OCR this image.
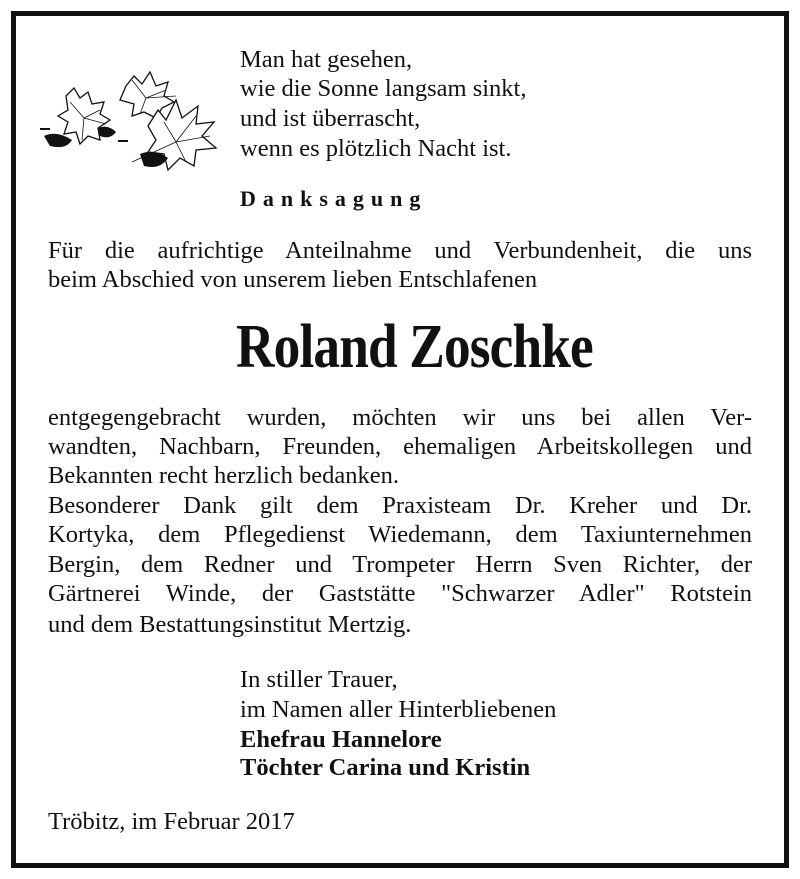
Man hat gesehen,
wie die Sonne langsam sinkt,
und ist überrascht,
wenn es plötzlich Nacht ist.
Danksagung
Für die aufrichtige Anteilnahme und Verbundenheit, die uns
beim Abschied von unserem lieben Entschlafenen
Roland Zoschke
entgegengebracht wurden, möchten wir uns bei allen Ver-
wandten, Nachbarn, Freunden, ehemaligen Arbeitskollegen und
Bekannten recht herzlich bedanken.
Besonderer Dank gilt dem Praxisteam Dr. Kreher und Dr.
Kortyka, dem Pflegedienst Wiedemann, dem Taxiunternehmen
Bergin, dem Redner und Trompeter Herrn Sven Richter, der
Gärtnerei Winde, der Gaststätte "Schwarzer Adler" Rotstein
und dem Bestattungsinstitut Mertzig.
In stiller Trauer,
im Namen aller Hinterbliebenen
Ehefrau Hannelore
Töchter Carina und Kristin
Tröbitz, im Februar 2017
